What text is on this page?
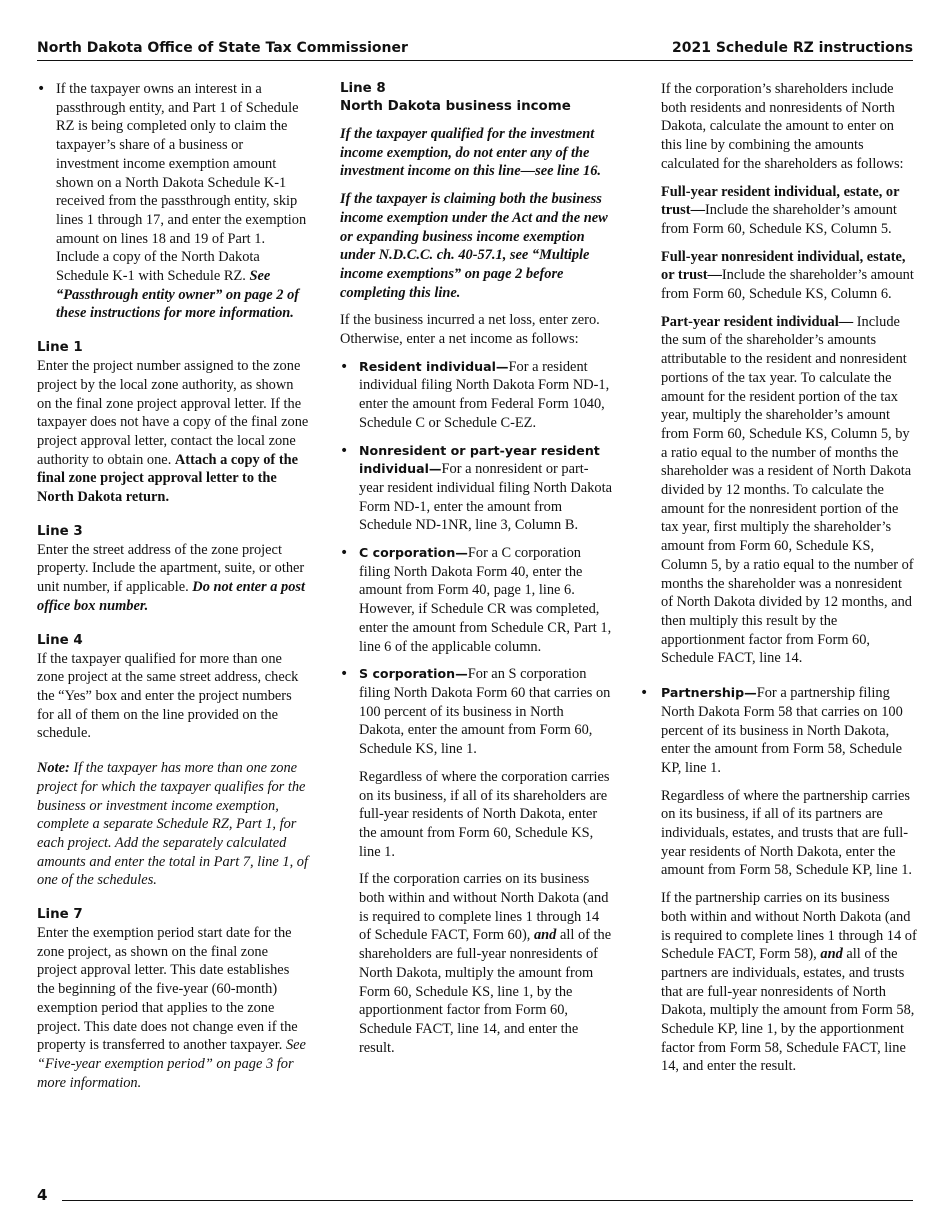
North Dakota Office of State Tax Commissioner	2021 Schedule RZ instructions
• If the taxpayer owns an interest in a passthrough entity, and Part 1 of Schedule RZ is being completed only to claim the taxpayer’s share of a business or investment income exemption amount shown on a North Dakota Schedule K-1 received from the passthrough entity, skip lines 1 through 17, and enter the exemption amount on lines 18 and 19 of Part 1. Include a copy of the North Dakota Schedule K-1 with Schedule RZ. See “Passthrough entity owner” on page 2 of these instructions for more information.
Line 1

Enter the project number assigned to the zone project by the local zone authority, as shown on the final zone project approval letter. If the taxpayer does not have a copy of the final zone project approval letter, contact the local zone authority to obtain one. Attach a copy of the final zone project approval letter to the North Dakota return.

Line 3

Enter the street address of the zone project property. Include the apartment, suite, or other unit number, if applicable. Do not enter a post office box number.

Line 4

If the taxpayer qualified for more than one zone project at the same street address, check the “Yes” box and enter the project numbers for all of them on the line provided on the schedule.

Note: If the taxpayer has more than one zone project for which the taxpayer qualifies for the business or investment income exemption, complete a separate Schedule RZ, Part 1, for each project. Add the separately calculated amounts and enter the total in Part 7, line 1, of one of the schedules.

Line 7

Enter the exemption period start date for the zone project, as shown on the final zone project approval letter. This date establishes the beginning of the five-year (60-month) exemption period that applies to the zone project. This date does not change even if the property is transferred to another taxpayer. See “Five-year exemption period” on page 3 for more information.

Line 8
North Dakota business income

If the taxpayer qualified for the investment income exemption, do not enter any of the investment income on this line—see line 16.

If the taxpayer is claiming both the business income exemption under the Act and the new or expanding business income exemption under N.D.C.C. ch. 40-57.1, see “Multiple income exemptions” on page 2 before completing this line.

If the business incurred a net loss, enter zero. Otherwise, enter a net income as follows:

• Resident individual—For a resident individual filing North Dakota Form ND-1, enter the amount from Federal Form 1040, Schedule C or Schedule C-EZ.
• Nonresident or part-year resident individual—For a nonresident or part-year resident individual filing North Dakota Form ND-1, enter the amount from Schedule ND-1NR, line 3, Column B.
• C corporation—For a C corporation filing North Dakota Form 40, enter the amount from Form 40, page 1, line 6. However, if Schedule CR was completed, enter the amount from Schedule CR, Part 1, line 6 of the applicable column.
• S corporation—For an S corporation filing North Dakota Form 60 that carries on 100 percent of its business in North Dakota, enter the amount from Form 60, Schedule KS, line 1.

Regardless of where the corporation carries on its business, if all of its shareholders are full-year residents of North Dakota, enter the amount from Form 60, Schedule KS, line 1.

If the corporation carries on its business both within and without North Dakota (and is required to complete lines 1 through 14 of Schedule FACT, Form 60), and all of the shareholders are full-year nonresidents of North Dakota, multiply the amount from Form 60, Schedule KS, line 1, by the apportionment factor from Form 60, Schedule FACT, line 14, and enter the result.

If the corporation’s shareholders include both residents and nonresidents of North Dakota, calculate the amount to enter on this line by combining the amounts calculated for the shareholders as follows:

Full-year resident individual, estate, or trust—Include the shareholder’s amount from Form 60, Schedule KS, Column 5.

Full-year nonresident individual, estate, or trust—Include the shareholder’s amount from Form 60, Schedule KS, Column 6.

Part-year resident individual— Include the sum of the shareholder’s amounts attributable to the resident and nonresident portions of the tax year. To calculate the amount for the resident portion of the tax year, multiply the shareholder’s amount from Form 60, Schedule KS, Column 5, by a ratio equal to the number of months the shareholder was a resident of North Dakota divided by 12 months. To calculate the amount for the nonresident portion of the tax year, first multiply the shareholder’s amount from Form 60, Schedule KS, Column 5, by a ratio equal to the number of months the shareholder was a nonresident of North Dakota divided by 12 months, and then multiply this result by the apportionment factor from Form 60, Schedule FACT, line 14.

• Partnership—For a partnership filing North Dakota Form 58 that carries on 100 percent of its business in North Dakota, enter the amount from Form 58, Schedule KP, line 1.

Regardless of where the partnership carries on its business, if all of its partners are individuals, estates, and trusts that are full-year residents of North Dakota, enter the amount from Form 58, Schedule KP, line 1.

If the partnership carries on its business both within and without North Dakota (and is required to complete lines 1 through 14 of Schedule FACT, Form 58), and all of the partners are individuals, estates, and trusts that are full-year nonresidents of North Dakota, multiply the amount from Form 58, Schedule KP, line 1, by the apportionment factor from Form 58, Schedule FACT, line 14, and enter the result.

4
